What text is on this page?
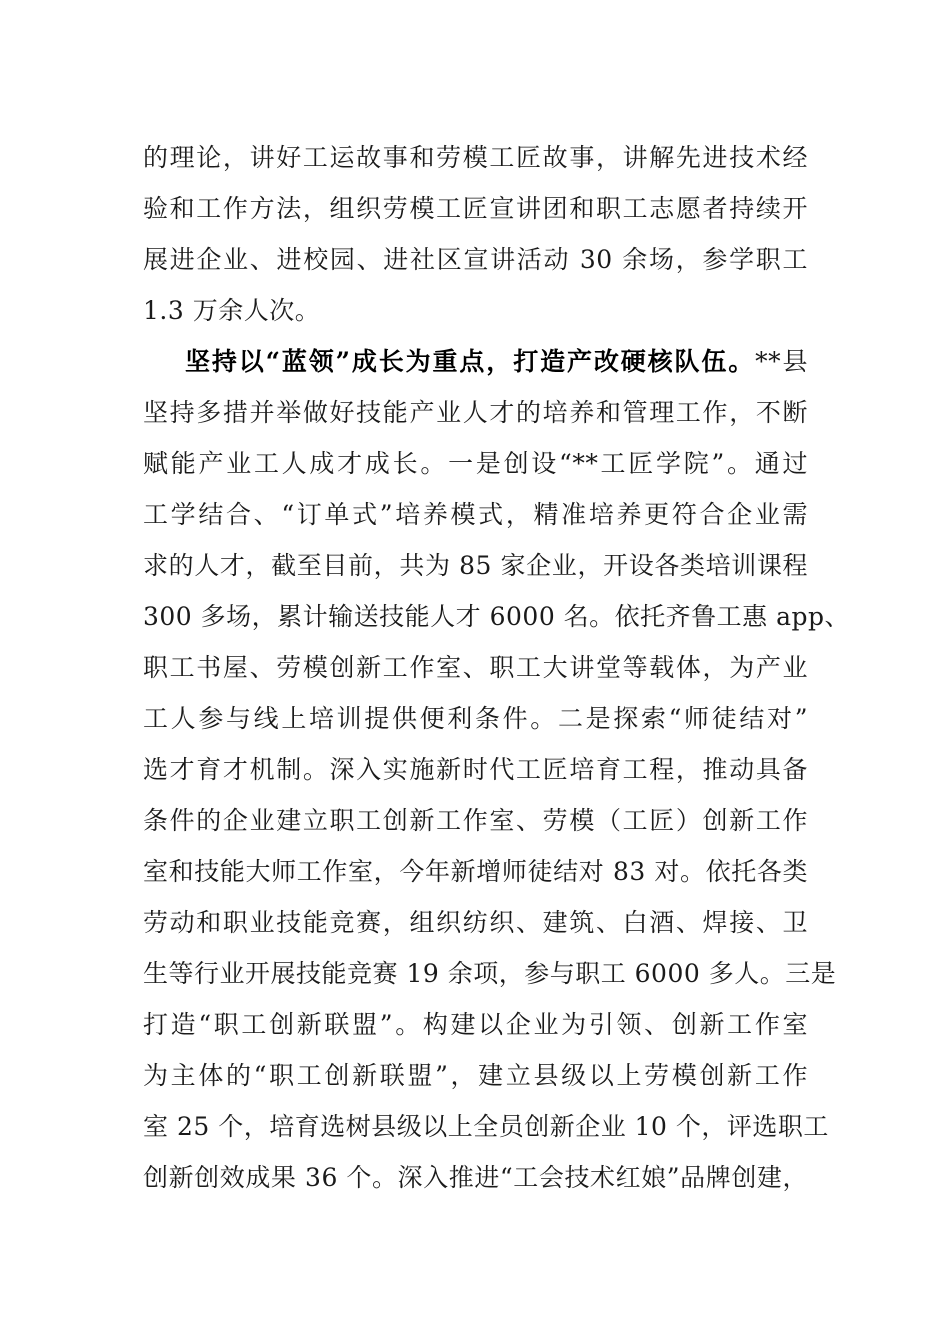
的理论，讲好工运故事和劳模工匠故事，讲解先进技术经
验和工作方法，组织劳模工匠宣讲团和职工志愿者持续开
展进企业、进校园、进社区宣讲活动 30 余场，参学职工
1.3 万余人次。
坚持以“蓝领”成长为重点，打造产改硬核队伍。**县
坚持多措并举做好技能产业人才的培养和管理工作，不断
赋能产业工人成才成长。一是创设“**工匠学院”。通过
工学结合、“订单式”培养模式，精准培养更符合企业需
求的人才，截至目前，共为 85 家企业，开设各类培训课程
300 多场，累计输送技能人才 6000 名。依托齐鲁工惠 app、
职工书屋、劳模创新工作室、职工大讲堂等载体，为产业
工人参与线上培训提供便利条件。二是探索“师徒结对”
选才育才机制。深入实施新时代工匠培育工程，推动具备
条件的企业建立职工创新工作室、劳模（工匠）创新工作
室和技能大师工作室，今年新增师徒结对 83 对。依托各类
劳动和职业技能竞赛，组织纺织、建筑、白酒、焊接、卫
生等行业开展技能竞赛 19 余项，参与职工 6000 多人。三是
打造“职工创新联盟”。构建以企业为引领、创新工作室
为主体的“职工创新联盟”，建立县级以上劳模创新工作
室 25 个，培育选树县级以上全员创新企业 10 个，评选职工
创新创效成果 36 个。深入推进“工会技术红娘”品牌创建，
